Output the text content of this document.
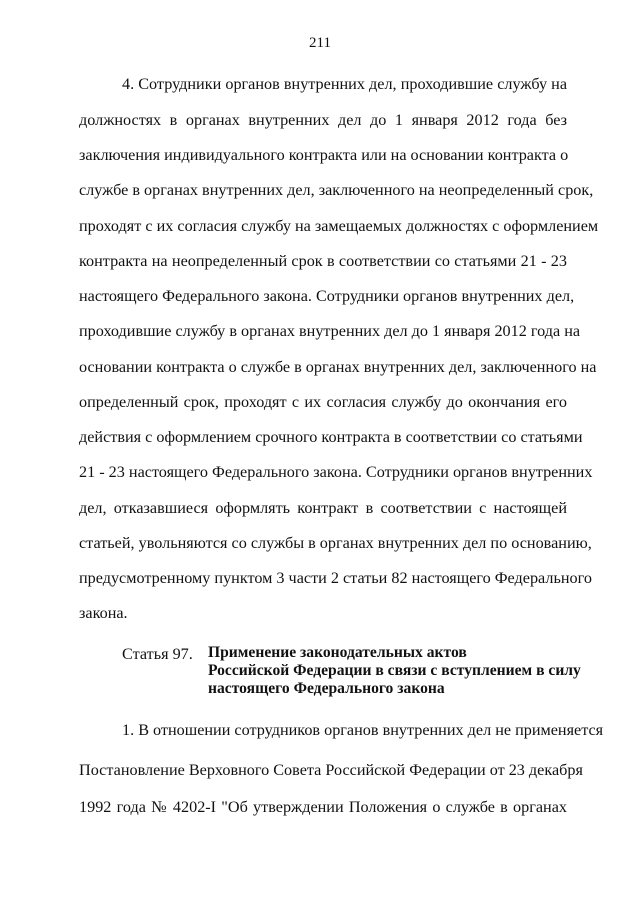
211
4. Сотрудники органов внутренних дел, проходившие службу на
должностях в органах внутренних дел до 1 января 2012 года без
заключения индивидуального контракта или на основании контракта о
службе в органах внутренних дел, заключенного на неопределенный срок,
проходят с их согласия службу на замещаемых должностях с оформлением
контракта на неопределенный срок в соответствии со статьями 21 - 23
настоящего Федерального закона. Сотрудники органов внутренних дел,
проходившие службу в органах внутренних дел до 1 января 2012 года на
основании контракта о службе в органах внутренних дел, заключенного на
определенный срок, проходят с их согласия службу до окончания его
действия с оформлением срочного контракта в соответствии со статьями
21 - 23 настоящего Федерального закона. Сотрудники органов внутренних
дел, отказавшиеся оформлять контракт в соответствии с настоящей
статьей, увольняются со службы в органах внутренних дел по основанию,
предусмотренному пунктом 3 части 2 статьи 82 настоящего Федерального
закона.
Статья 97. Применение законодательных актов
Российской Федерации в связи с вступлением в силу
настоящего Федерального закона
1. В отношении сотрудников органов внутренних дел не применяется
Постановление Верховного Совета Российской Федерации от 23 декабря
1992 года № 4202-I "Об утверждении Положения о службе в органах
